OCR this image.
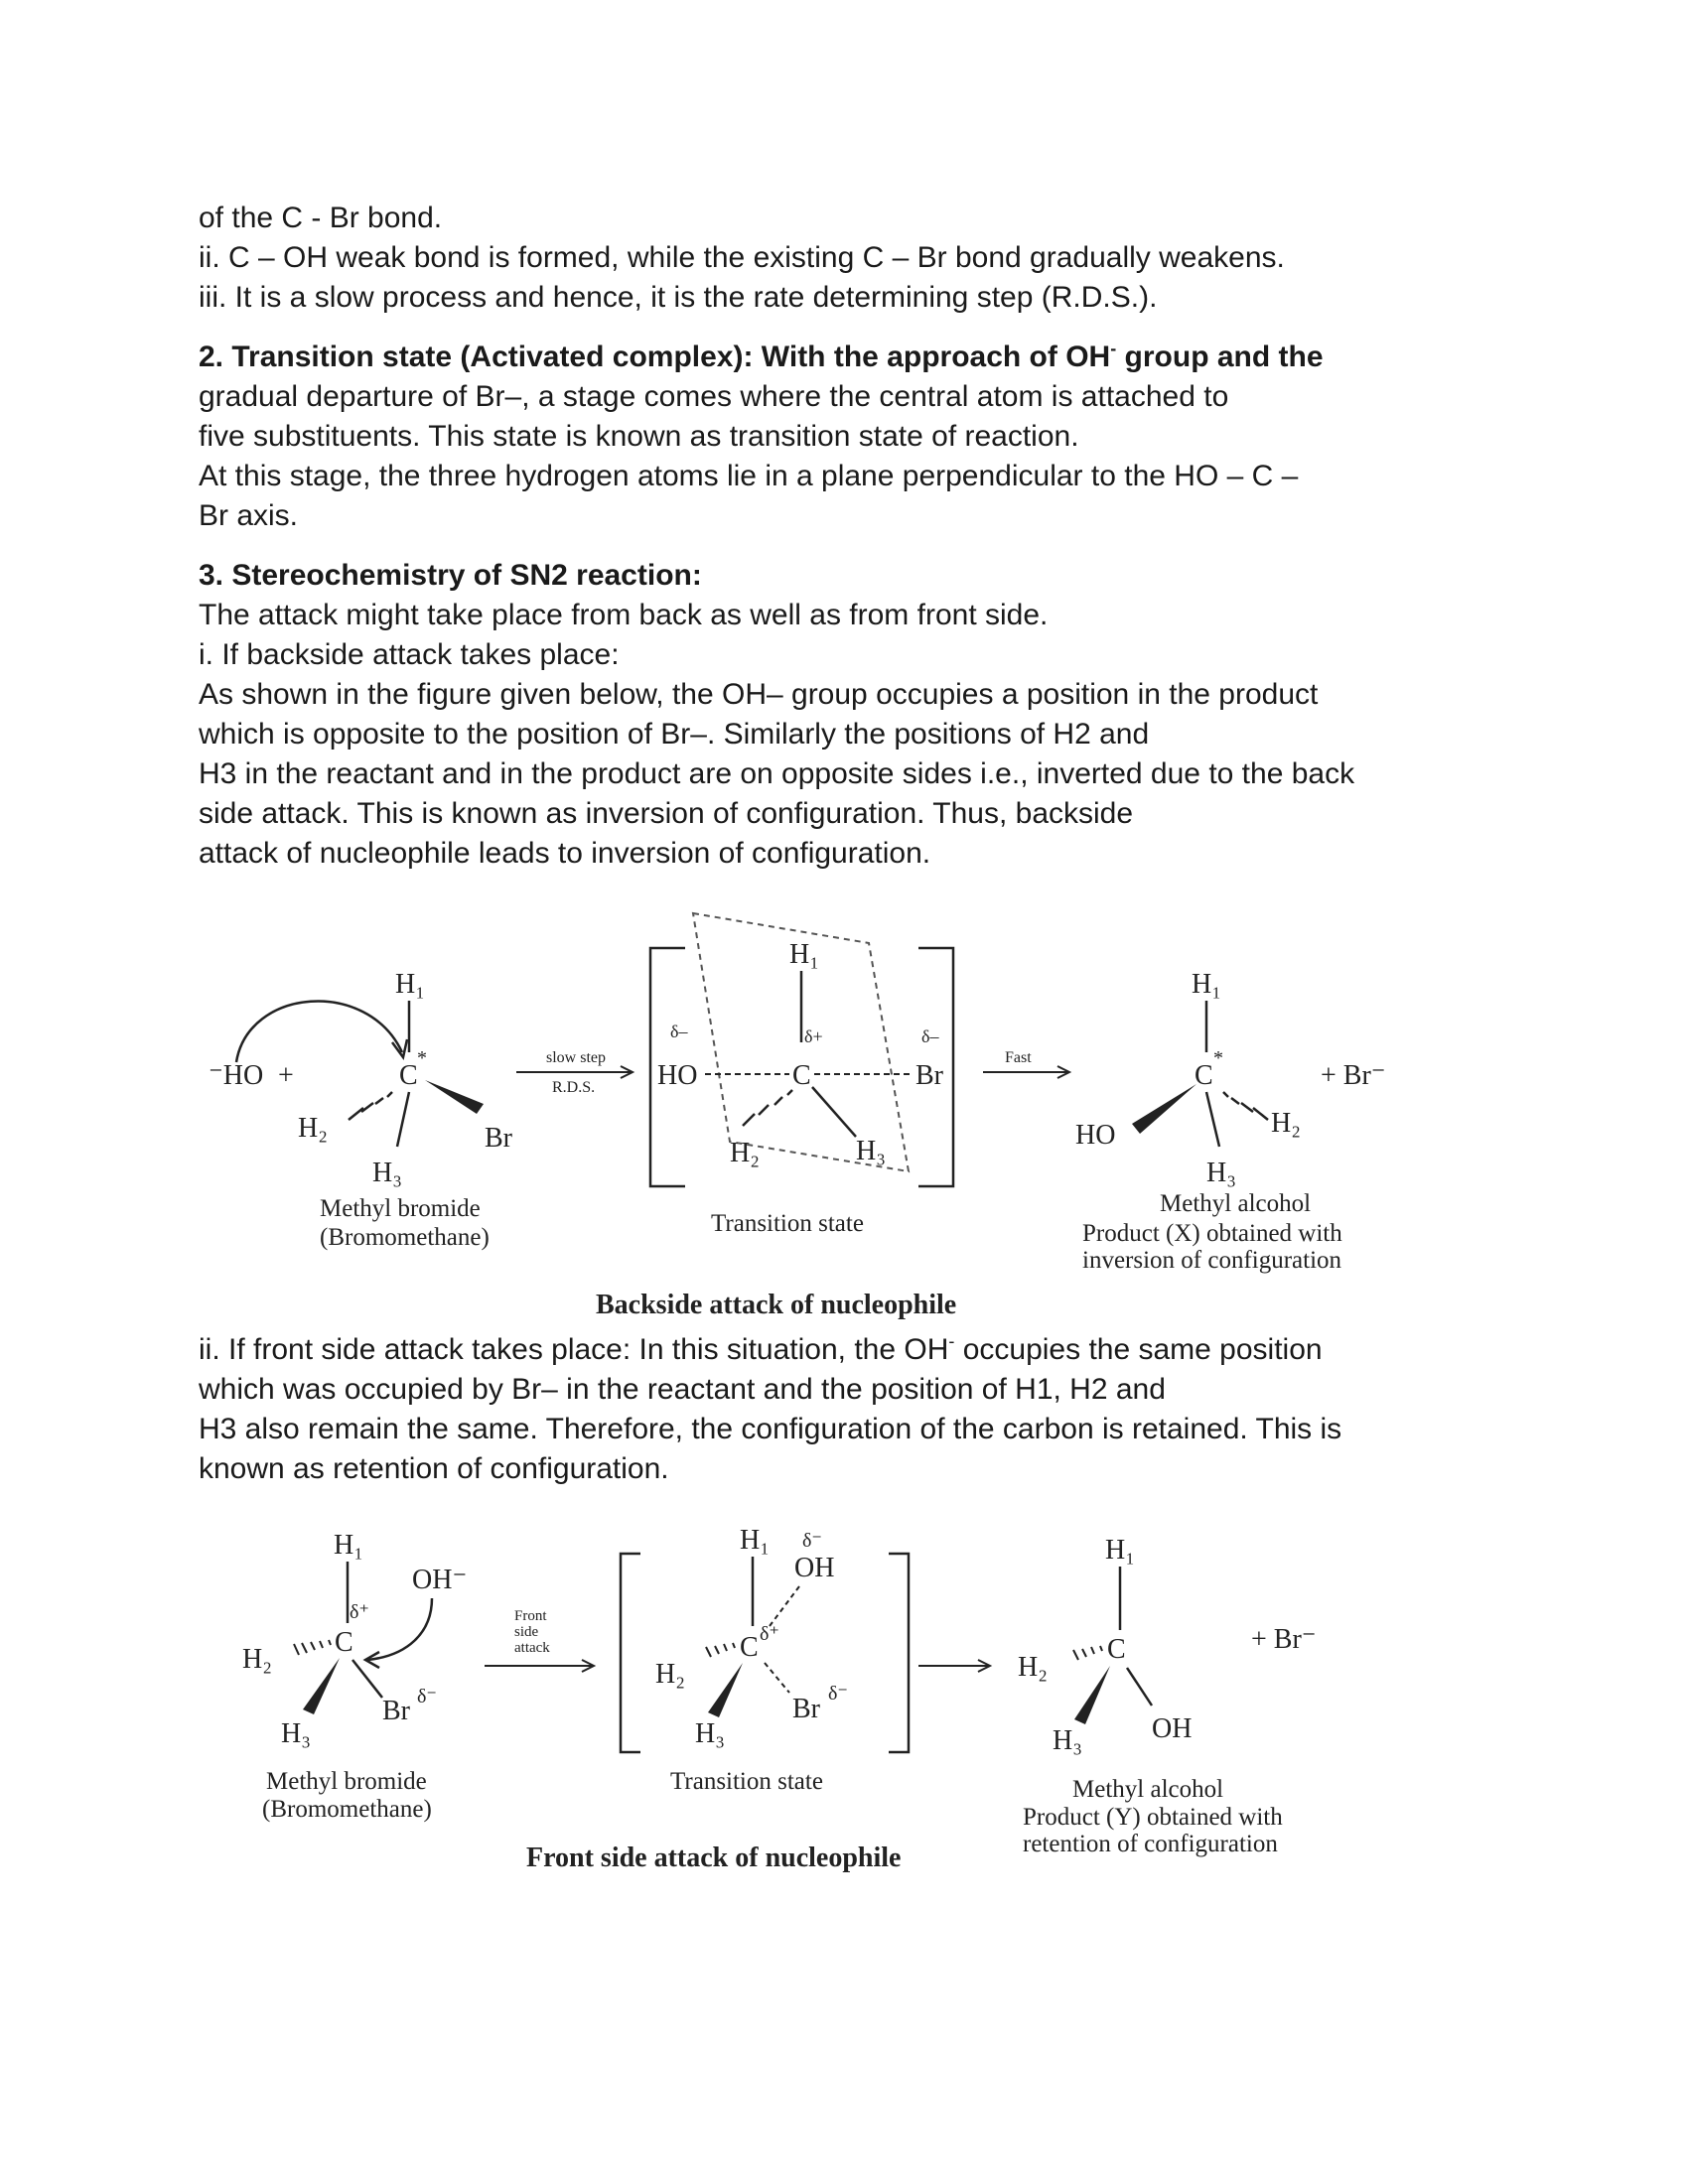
of the C - Br bond.

ii. C – OH weak bond is formed, while the existing C – Br bond gradually weakens.

iii. It is a slow process and hence, it is the rate determining step (R.D.S.).

2. Transition state (Activated complex): With the approach of OH- group and the

gradual departure of Br–, a stage comes where the central atom is attached to

five substituents. This state is known as transition state of reaction.

At this stage, the three hydrogen atoms lie in a plane perpendicular to the HO – C –

Br axis.

3. Stereochemistry of SN2 reaction:

The attack might take place from back as well as from front side.

i. If backside attack takes place:

As shown in the figure given below, the OH– group occupies a position in the product

which is opposite to the position of Br–. Similarly the positions of H2 and

H3 in the reactant and in the product are on opposite sides i.e., inverted due to the back

side attack. This is known as inversion of configuration. Thus, backside

attack of nucleophile leads to inversion of configuration.

⁻HO +
H₁
C
*
H₂	Br
H₃
Methyl bromide
(Bromomethane)
slow step
R.D.S.
H₁
δ–
HO
δ+
C
δ–
Br
H₂	H₃
Transition state
Fast
H₁
C
*
HO	H₂
H₃
+ Br⁻
Methyl alcohol
Product (X) obtained with
inversion of configuration
Backside attack of nucleophile

ii. If front side attack takes place: In this situation, the OH- occupies the same position

which was occupied by Br– in the reactant and the position of H1, H2 and

H3 also remain the same. Therefore, the configuration of the carbon is retained. This is

known as retention of configuration.

H₁
OH⁻
δ⁺
C
H₂
H₃
Br δ⁻
Methyl bromide
(Bromomethane)
Front
side
attack
H₁ δ⁻
OH
C δ⁺
H₂
H₃
Br δ⁻
Transition state
H₁
C
H₂
H₃	OH
+ Br⁻
Methyl alcohol
Product (Y) obtained with
retention of configuration
Front side attack of nucleophile
